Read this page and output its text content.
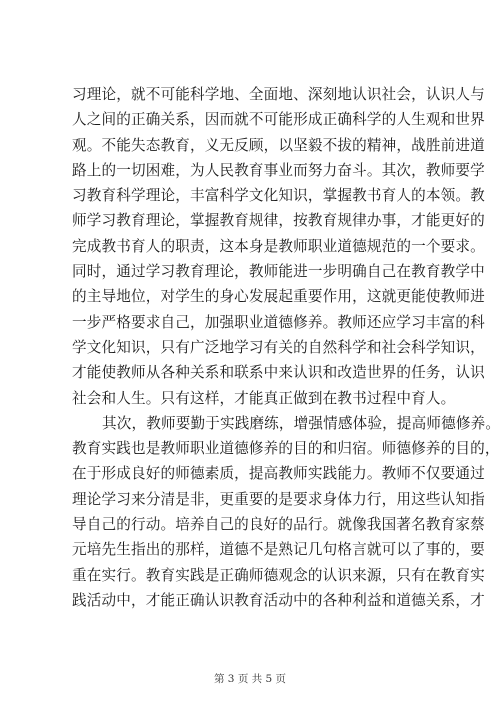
习理论，就不可能科学地、全面地、深刻地认识社会，认识人与
人之间的正确关系，因而就不可能形成正确科学的人生观和世界
观。不能失态教育，义无反顾，以坚毅不拔的精神，战胜前进道
路上的一切困难，为人民教育事业而努力奋斗。其次，教师要学
习教育科学理论，丰富科学文化知识，掌握教书育人的本领。教
师学习教育理论，掌握教育规律，按教育规律办事，才能更好的
完成教书育人的职责，这本身是教师职业道德规范的一个要求。
同时，通过学习教育理论，教师能进一步明确自己在教育教学中
的主导地位，对学生的身心发展起重要作用，这就更能使教师进
一步严格要求自己，加强职业道德修养。教师还应学习丰富的科
学文化知识，只有广泛地学习有关的自然科学和社会科学知识，
才能使教师从各种关系和联系中来认识和改造世界的任务，认识
社会和人生。只有这样，才能真正做到在教书过程中育人。
其次，教师要勤于实践磨练，增强情感体验，提高师德修养。
教育实践也是教师职业道德修养的目的和归宿。师德修养的目的，
在于形成良好的师德素质，提高教师实践能力。教师不仅要通过
理论学习来分清是非，更重要的是要求身体力行，用这些认知指
导自己的行动。培养自己的良好的品行。就像我国著名教育家蔡
元培先生指出的那样，道德不是熟记几句格言就可以了事的，要
重在实行。教育实践是正确师德观念的认识来源，只有在教育实
践活动中，才能正确认识教育活动中的各种利益和道德关系，才
第 3 页 共 5 页
